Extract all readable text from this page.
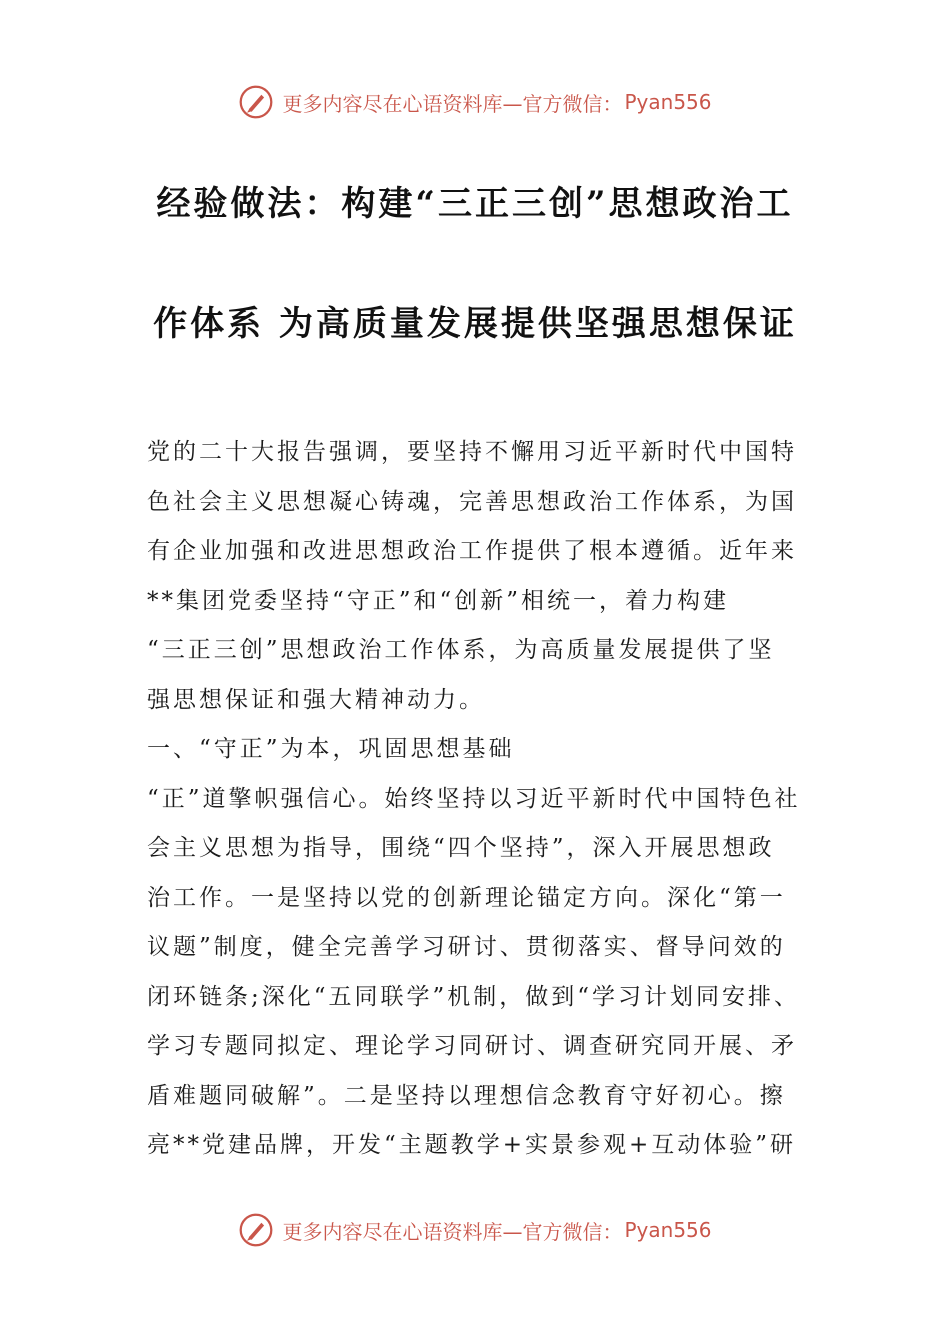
更多内容尽在心语资料库—官方微信： Pyan556
经验做法：构建“三正三创”思想政治工
作体系 为高质量发展提供坚强思想保证
党的二十大报告强调，要坚持不懈用习近平新时代中国特
色社会主义思想凝心铸魂，完善思想政治工作体系，为国
有企业加强和改进思想政治工作提供了根本遵循。近年来
**集团党委坚持“守正”和“创新”相统一，着力构建
“三正三创”思想政治工作体系，为高质量发展提供了坚
强思想保证和强大精神动力。
一、“守正”为本，巩固思想基础
“正”道擎帜强信心。始终坚持以习近平新时代中国特色社
会主义思想为指导，围绕“四个坚持”，深入开展思想政
治工作。一是坚持以党的创新理论锚定方向。深化“第一
议题”制度，健全完善学习研讨、贯彻落实、督导问效的
闭环链条;深化“五同联学”机制，做到“学习计划同安排、
学习专题同拟定、理论学习同研讨、调查研究同开展、矛
盾难题同破解”。二是坚持以理想信念教育守好初心。擦
亮**党建品牌，开发“主题教学+实景参观+互动体验”研
更多内容尽在心语资料库—官方微信： Pyan556
